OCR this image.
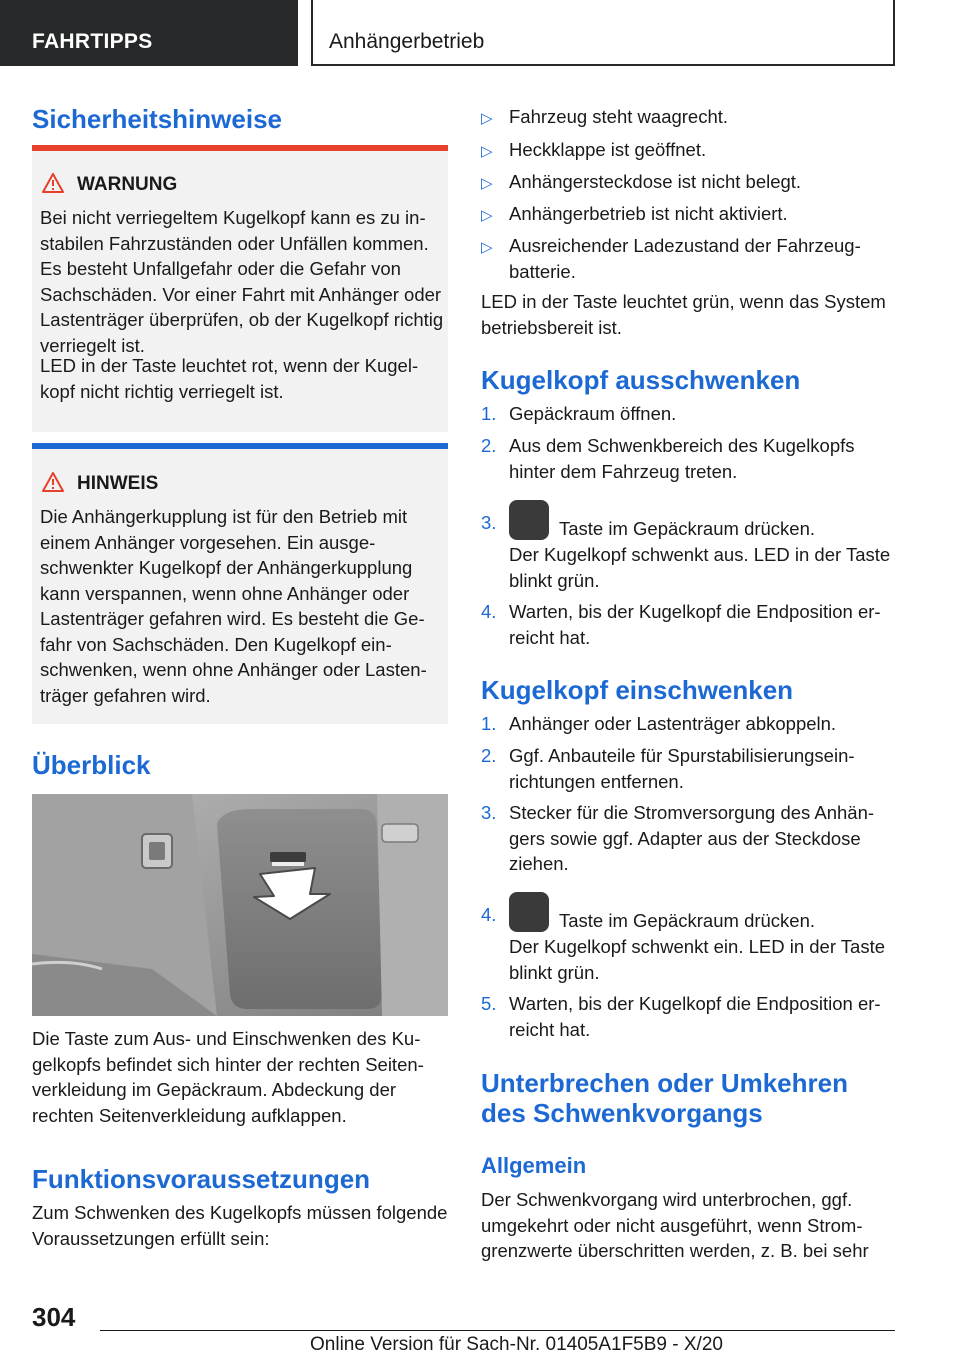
FAHRTIPPS	Anhängerbetrieb
Sicherheitshinweise
WARNUNG

Bei nicht verriegeltem Kugelkopf kann es zu instabilen Fahrzuständen oder Unfällen kommen. Es besteht Unfallgefahr oder die Gefahr von Sachschäden. Vor einer Fahrt mit Anhänger oder Lastenträger überprüfen, ob der Kugelkopf richtig verriegelt ist.

LED in der Taste leuchtet rot, wenn der Kugelkopf nicht richtig verriegelt ist.

HINWEIS

Die Anhängerkupplung ist für den Betrieb mit einem Anhänger vorgesehen. Ein ausgeschwenkter Kugelkopf der Anhängerkupplung kann verspannen, wenn ohne Anhänger oder Lastenträger gefahren wird. Es besteht die Gefahr von Sachschäden. Den Kugelkopf einschwenken, wenn ohne Anhänger oder Lastenträger gefahren wird.

Überblick

Die Taste zum Aus- und Einschwenken des Kugelkopfs befindet sich hinter der rechten Seitenverkleidung im Gepäckraum. Abdeckung der rechten Seitenverkleidung aufklappen.

Funktionsvoraussetzungen

Zum Schwenken des Kugelkopfs müssen folgende Voraussetzungen erfüllt sein:

▷ Fahrzeug steht waagrecht.
▷ Heckklappe ist geöffnet.
▷ Anhängersteckdose ist nicht belegt.
▷ Anhängerbetrieb ist nicht aktiviert.
▷ Ausreichender Ladezustand der Fahrzeugbatterie.

LED in der Taste leuchtet grün, wenn das System betriebsbereit ist.

Kugelkopf ausschwenken
1. Gepäckraum öffnen.
2. Aus dem Schwenkbereich des Kugelkopfs hinter dem Fahrzeug treten.
3.	Taste im Gepäckraum drücken.
Der Kugelkopf schwenkt aus. LED in der Taste blinkt grün.
4. Warten, bis der Kugelkopf die Endposition erreicht hat.
Kugelkopf einschwenken
1. Anhänger oder Lastenträger abkoppeln.
2. Ggf. Anbauteile für Spurstabilisierungseinrichtungen entfernen.
3. Stecker für die Stromversorgung des Anhängers sowie ggf. Adapter aus der Steckdose ziehen.
4.	Taste im Gepäckraum drücken.
Der Kugelkopf schwenkt ein. LED in der Taste blinkt grün.
5. Warten, bis der Kugelkopf die Endposition erreicht hat.
Unterbrechen oder Umkehren
des Schwenkvorgangs
Allgemein

Der Schwenkvorgang wird unterbrochen, ggf. umgekehrt oder nicht ausgeführt, wenn Stromgrenzwerte überschritten werden, z. B. bei sehr

304
Online Version für Sach-Nr. 01405A1F5B9 - X/20
